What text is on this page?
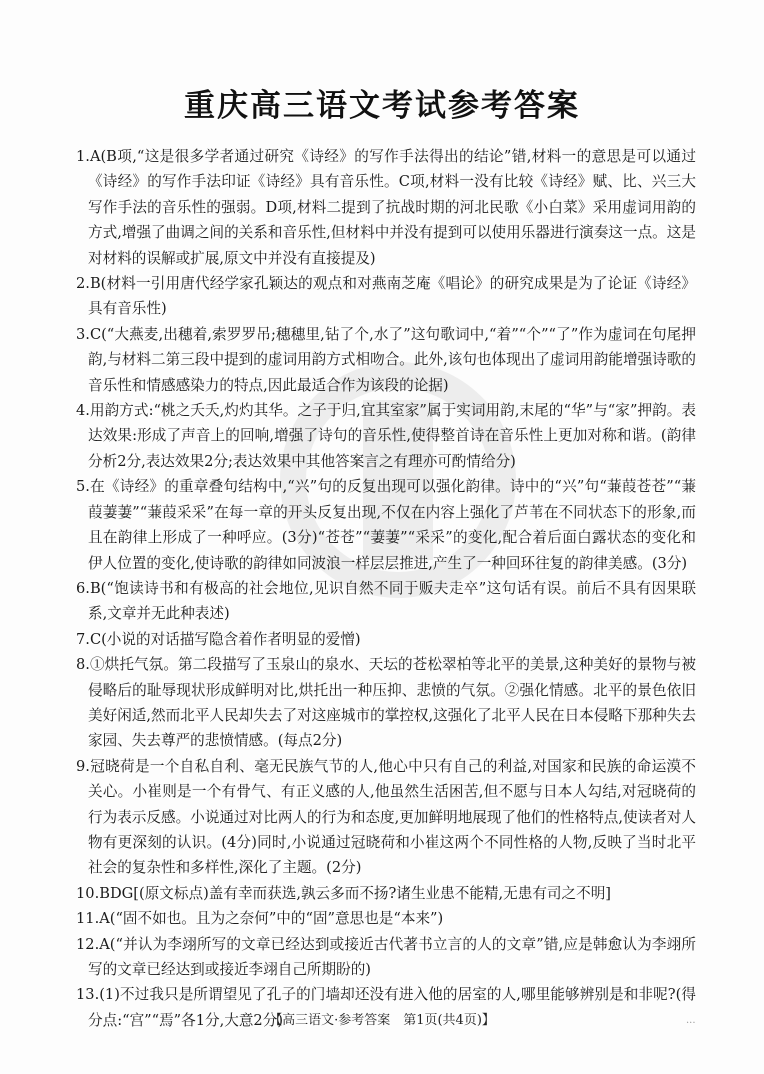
重庆高三语文考试参考答案
1.A(B项,“这是很多学者通过研究《诗经》的写作手法得出的结论”错,材料一的意思是可以通过《诗经》的写作手法印证《诗经》具有音乐性。C项,材料一没有比较《诗经》赋、比、兴三大写作手法的音乐性的强弱。D项,材料二提到了抗战时期的河北民歌《小白菜》采用虚词用韵的方式,增强了曲调之间的关系和音乐性,但材料中并没有提到可以使用乐器进行演奏这一点。这是对材料的误解或扩展,原文中并没有直接提及)
2.B(材料一引用唐代经学家孔颖达的观点和对燕南芝庵《唱论》的研究成果是为了论证《诗经》具有音乐性)
3.C(“大燕麦,出穗着,索罗罗吊;穗穗里,钻了个,水了”这句歌词中,“着”“个”“了”作为虚词在句尾押韵,与材料二第三段中提到的虚词用韵方式相吻合。此外,该句也体现出了虚词用韵能增强诗歌的音乐性和情感感染力的特点,因此最适合作为该段的论据)
4.用韵方式:“桃之夭夭,灼灼其华。之子于归,宜其室家”属于实词用韵,末尾的“华”与“家”押韵。表达效果:形成了声音上的回响,增强了诗句的音乐性,使得整首诗在音乐性上更加对称和谐。(韵律分析2分,表达效果2分;表达效果中其他答案言之有理亦可酌情给分)
5.在《诗经》的重章叠句结构中,“兴”句的反复出现可以强化韵律。诗中的“兴”句“蒹葭苍苍”“蒹葭萋萋”“蒹葭采采”在每一章的开头反复出现,不仅在内容上强化了芦苇在不同状态下的形象,而且在韵律上形成了一种呼应。(3分)“苍苍”“萋萋”“采采”的变化,配合着后面白露状态的变化和伊人位置的变化,使诗歌的韵律如同波浪一样层层推进,产生了一种回环往复的韵律美感。(3分)
6.B(“饱读诗书和有极高的社会地位,见识自然不同于贩夫走卒”这句话有误。前后不具有因果联系,文章并无此种表述)
7.C(小说的对话描写隐含着作者明显的爱憎)
8.①烘托气氛。第二段描写了玉泉山的泉水、天坛的苍松翠柏等北平的美景,这种美好的景物与被侵略后的耻辱现状形成鲜明对比,烘托出一种压抑、悲愤的气氛。②强化情感。北平的景色依旧美好闲适,然而北平人民却失去了对这座城市的掌控权,这强化了北平人民在日本侵略下那种失去家园、失去尊严的悲愤情感。(每点2分)
9.冠晓荷是一个自私自利、毫无民族气节的人,他心中只有自己的利益,对国家和民族的命运漠不关心。小崔则是一个有骨气、有正义感的人,他虽然生活困苦,但不愿与日本人勾结,对冠晓荷的行为表示反感。小说通过对比两人的行为和态度,更加鲜明地展现了他们的性格特点,使读者对人物有更深刻的认识。(4分)同时,小说通过冠晓荷和小崔这两个不同性格的人物,反映了当时北平社会的复杂性和多样性,深化了主题。(2分)
10.BDG[(原文标点)盖有幸而获选,孰云多而不扬?诸生业患不能精,无患有司之不明]
11.A(“固不如也。且为之奈何”中的“固”意思也是“本来”)
12.A(“并认为李翊所写的文章已经达到或接近古代著书立言的人的文章”错,应是韩愈认为李翊所写的文章已经达到或接近李翊自己所期盼的)
13.(1)不过我只是所谓望见了孔子的门墙却还没有进入他的居室的人,哪里能够辨别是和非呢?(得分点:“宫”“焉”各1分,大意2分)
【高三语文·参考答案　第1页(共4页)】	...
